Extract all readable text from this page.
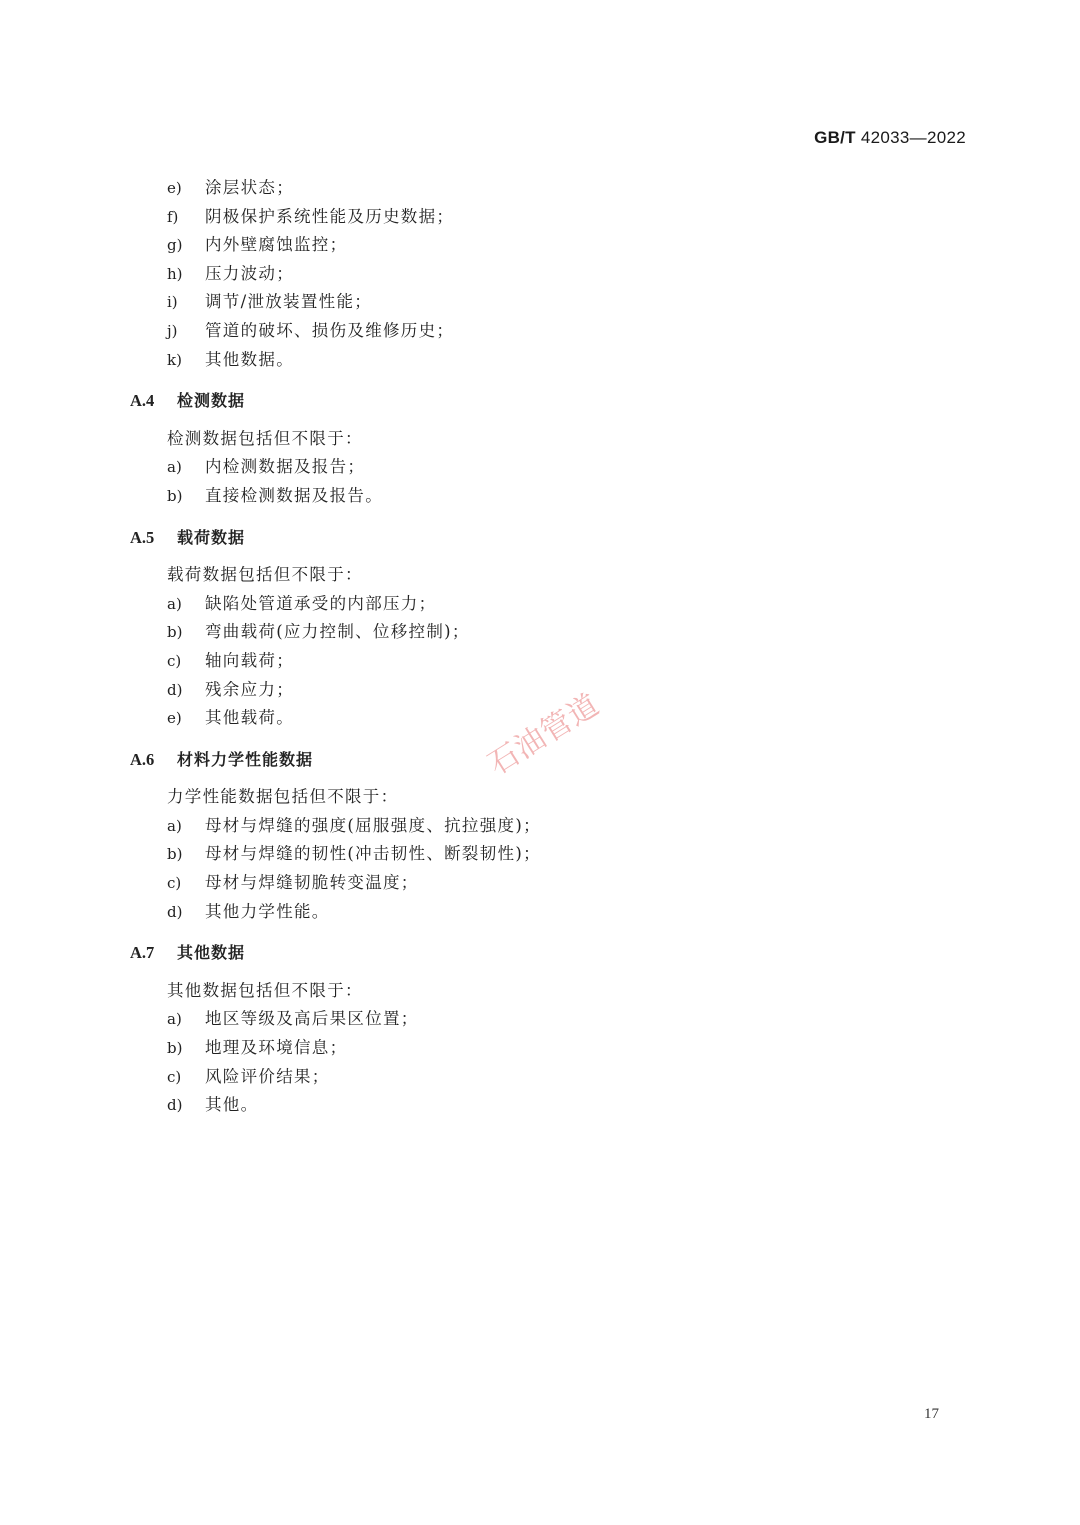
GB/T 42033—2022
e) 涂层状态；
f) 阴极保护系统性能及历史数据；
g) 内外壁腐蚀监控；
h) 压力波动；
i) 调节/泄放装置性能；
j) 管道的破坏、损伤及维修历史；
k) 其他数据。
A.4 检测数据
检测数据包括但不限于：
a) 内检测数据及报告；
b) 直接检测数据及报告。
A.5 载荷数据
载荷数据包括但不限于：
a) 缺陷处管道承受的内部压力；
b) 弯曲载荷(应力控制、位移控制)；
c) 轴向载荷；
d) 残余应力；
e) 其他载荷。
A.6 材料力学性能数据
力学性能数据包括但不限于：
a) 母材与焊缝的强度(屈服强度、抗拉强度)；
b) 母材与焊缝的韧性(冲击韧性、断裂韧性)；
c) 母材与焊缝韧脆转变温度；
d) 其他力学性能。
A.7 其他数据
其他数据包括但不限于：
a) 地区等级及高后果区位置；
b) 地理及环境信息；
c) 风险评价结果；
d) 其他。
石油管道
17
